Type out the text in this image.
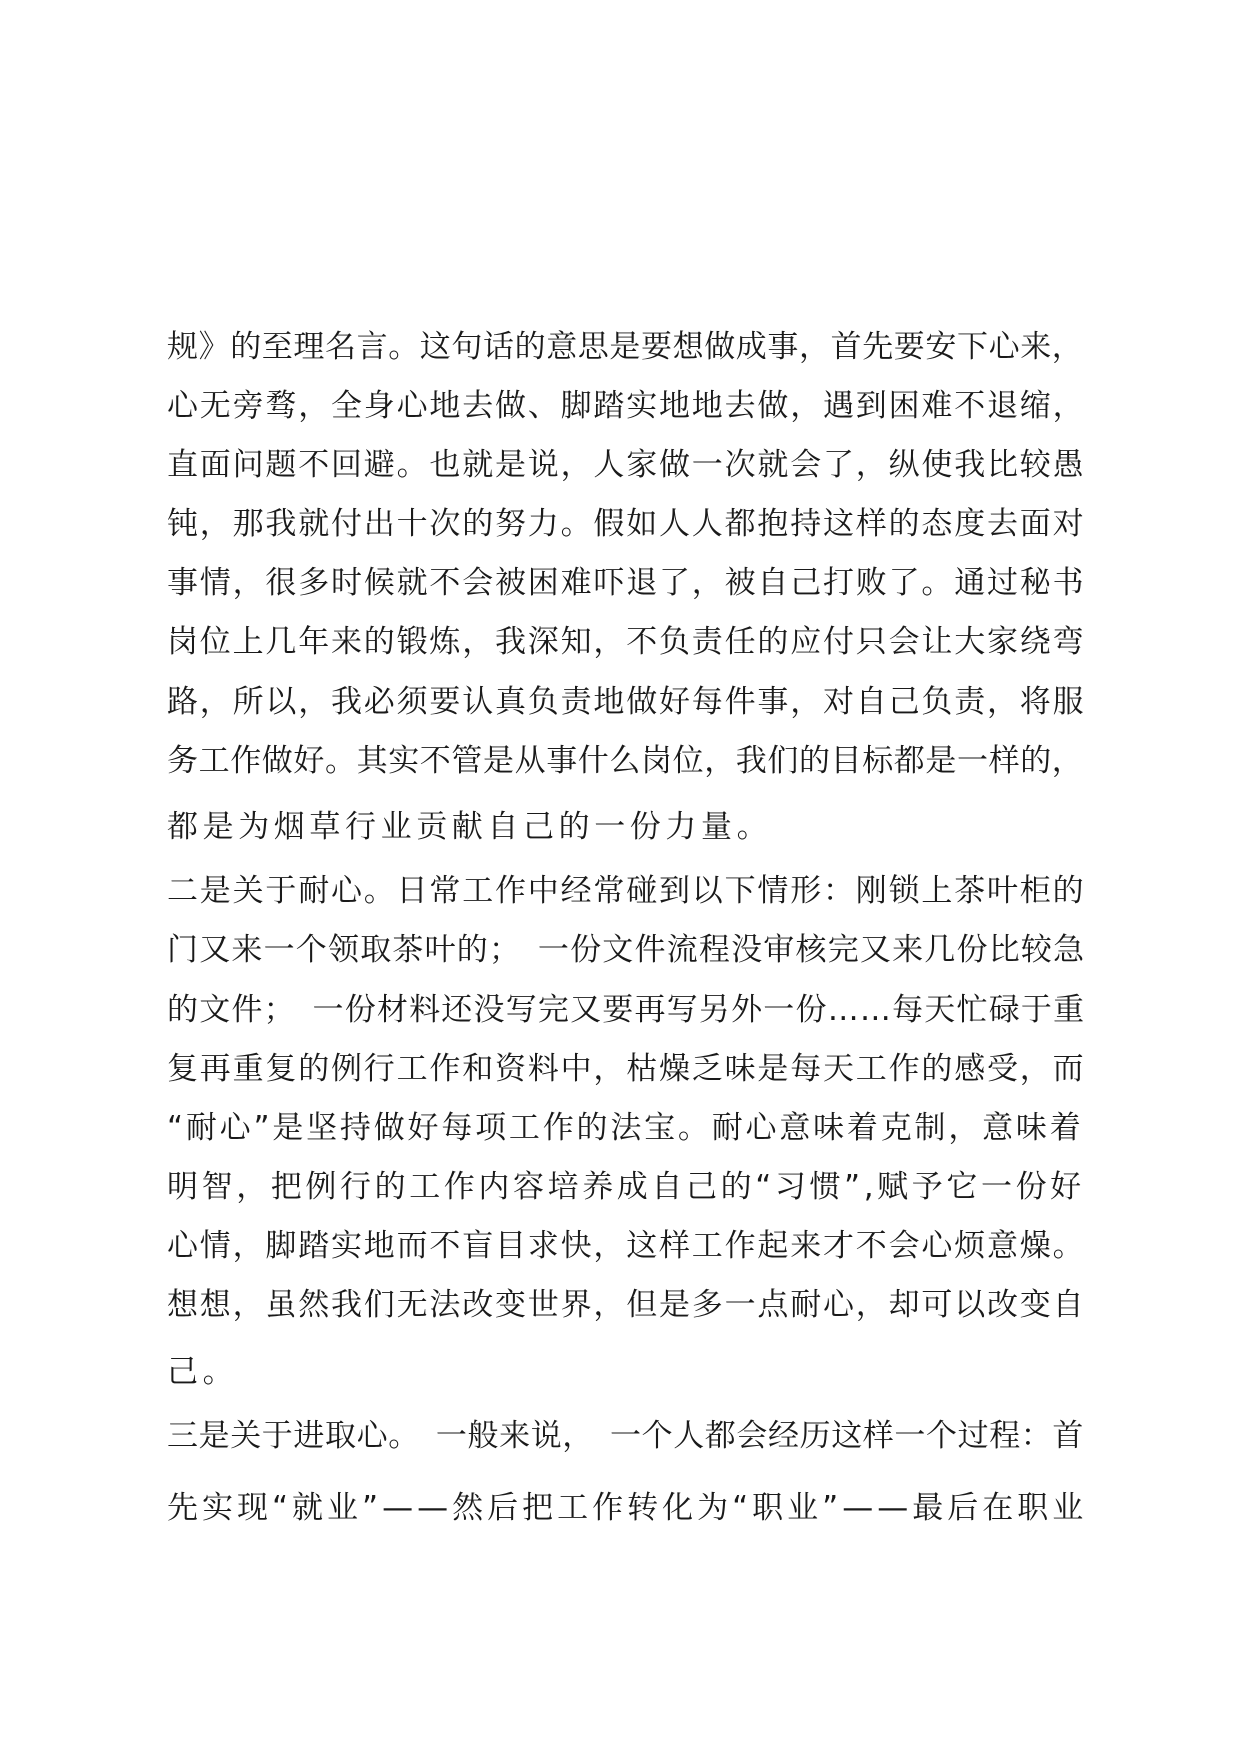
规》的至理名言。这句话的意思是要想做成事，首先要安下心来，
心无旁骛，全身心地去做、脚踏实地地去做，遇到困难不退缩，
直面问题不回避。也就是说，人家做一次就会了，纵使我比较愚
钝，那我就付出十次的努力。假如人人都抱持这样的态度去面对
事情，很多时候就不会被困难吓退了，被自己打败了。通过秘书
岗位上几年来的锻炼，我深知，不负责任的应付只会让大家绕弯
路，所以，我必须要认真负责地做好每件事，对自己负责，将服
务工作做好。其实不管是从事什么岗位，我们的目标都是一样的，
都是为烟草行业贡献自己的一份力量。
二是关于耐心。日常工作中经常碰到以下情形：刚锁上茶叶柜的
门又来一个领取茶叶的；　一份文件流程没审核完又来几份比较急
的文件；　一份材料还没写完又要再写另外一份……每天忙碌于重
复再重复的例行工作和资料中，枯燥乏味是每天工作的感受，而
“耐心”是坚持做好每项工作的法宝。耐心意味着克制，意味着
明智，把例行的工作内容培养成自己的“习惯”,赋予它一份好
心情，脚踏实地而不盲目求快，这样工作起来才不会心烦意燥。
想想，虽然我们无法改变世界，但是多一点耐心，却可以改变自
己。
三是关于进取心。　一般来说，　一个人都会经历这样一个过程：首
先实现“就业”——然后把工作转化为“职业”——最后在职业
